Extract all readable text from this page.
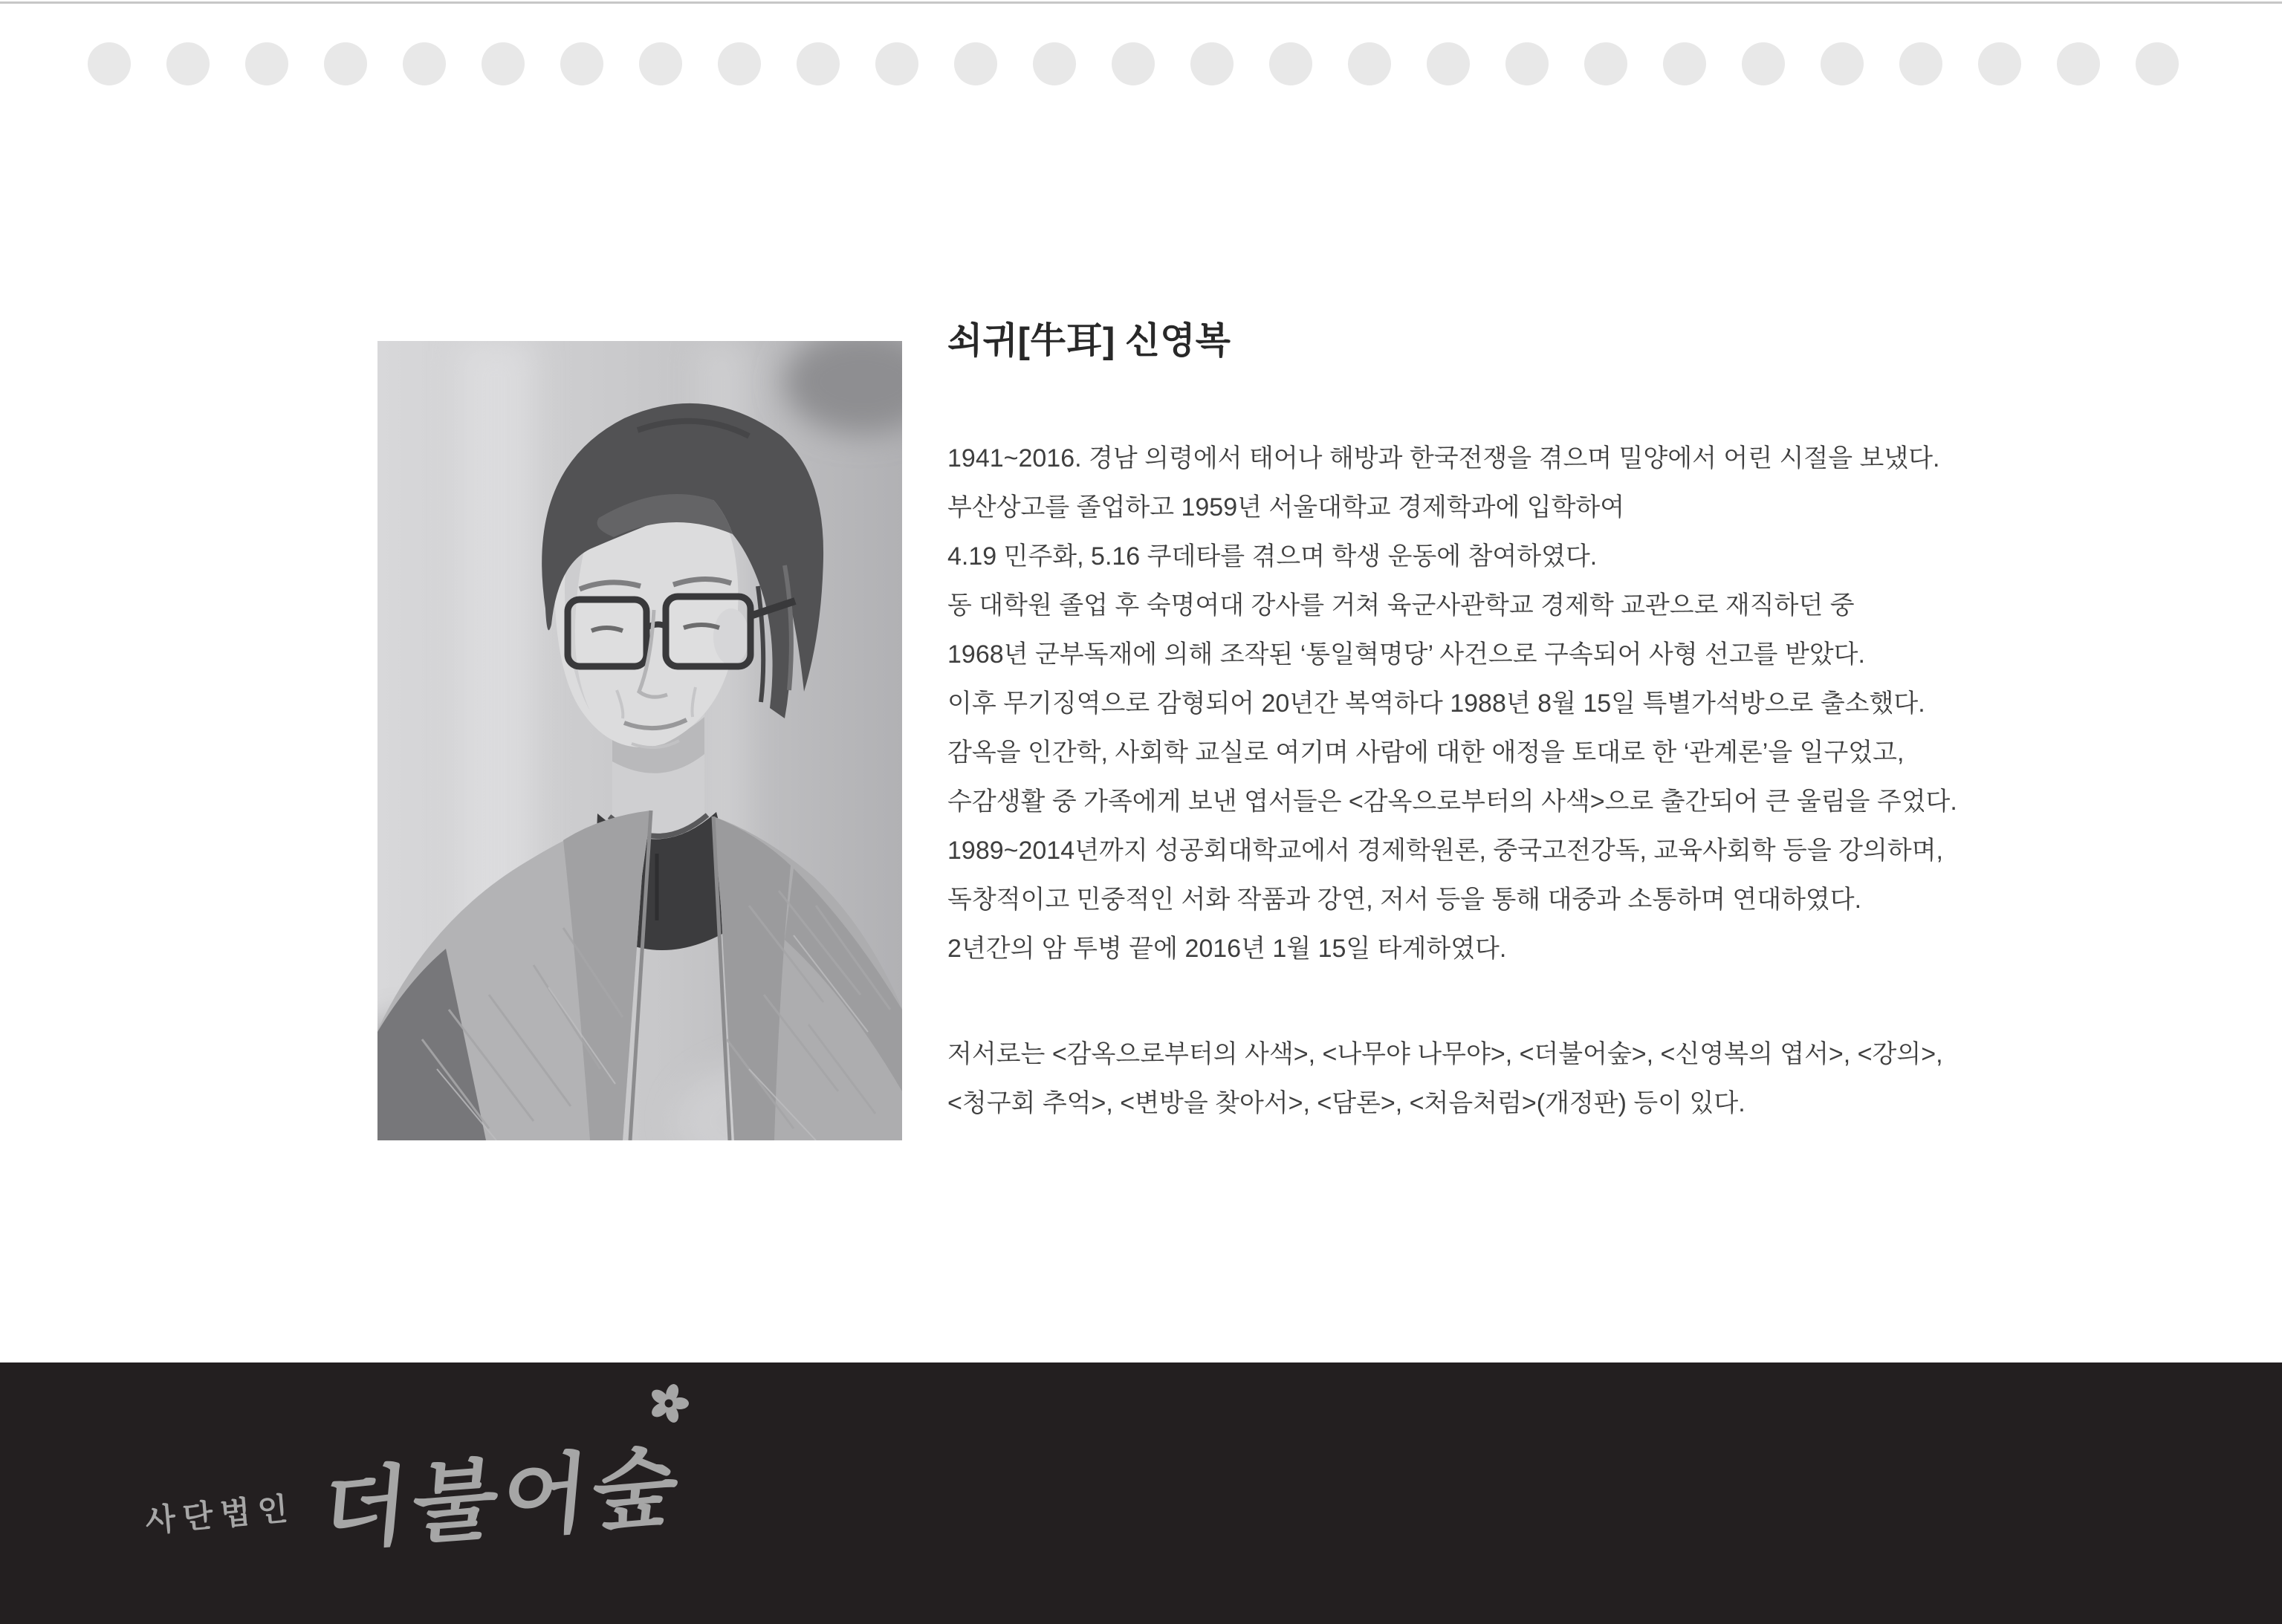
쇠귀[牛耳] 신영복
1941~2016. 경남 의령에서 태어나 해방과 한국전쟁을 겪으며 밀양에서 어린 시절을 보냈다.
부산상고를 졸업하고 1959년 서울대학교 경제학과에 입학하여
4.19 민주화, 5.16 쿠데타를 겪으며 학생 운동에 참여하였다.
동 대학원 졸업 후 숙명여대 강사를 거쳐 육군사관학교 경제학 교관으로 재직하던 중
1968년 군부독재에 의해 조작된 ‘통일혁명당’ 사건으로 구속되어 사형 선고를 받았다.
이후 무기징역으로 감형되어 20년간 복역하다 1988년 8월 15일 특별가석방으로 출소했다.
감옥을 인간학, 사회학 교실로 여기며 사람에 대한 애정을 토대로 한 ‘관계론’을 일구었고,
수감생활 중 가족에게 보낸 엽서들은 <감옥으로부터의 사색>으로 출간되어 큰 울림을 주었다.
1989~2014년까지 성공회대학교에서 경제학원론, 중국고전강독, 교육사회학 등을 강의하며,
독창적이고 민중적인 서화 작품과 강연, 저서 등을 통해 대중과 소통하며 연대하였다.
2년간의 암 투병 끝에 2016년 1월 15일 타계하였다.
저서로는 <감옥으로부터의 사색>, <나무야 나무야>, <더불어숲>, <신영복의 엽서>, <강의>,
<청구회 추억>, <변방을 찾아서>, <담론>, <처음처럼>(개정판) 등이 있다.
사단법인 더불어숲
